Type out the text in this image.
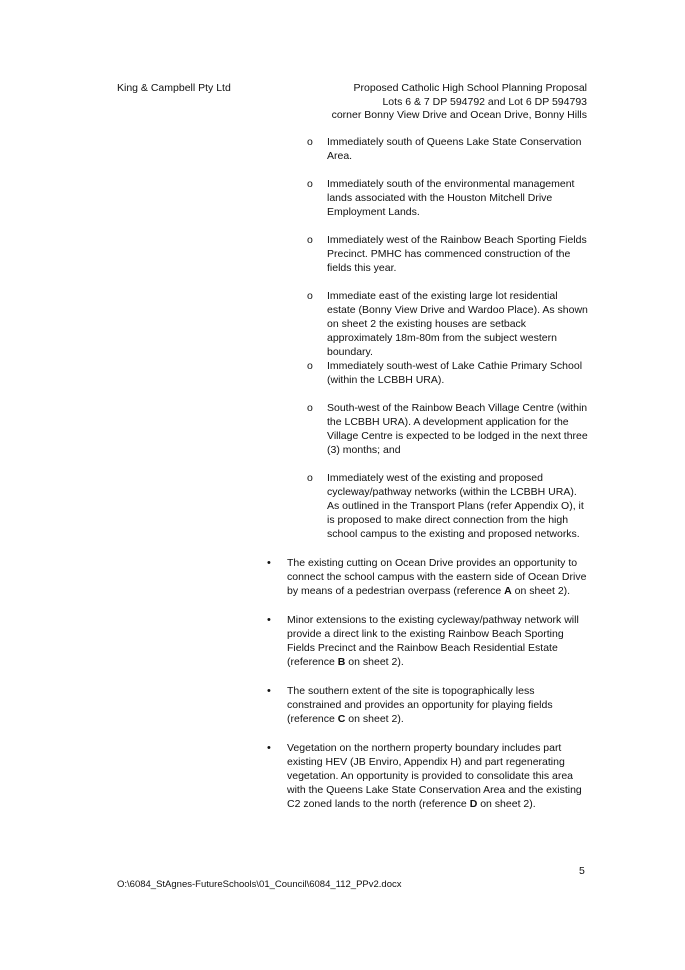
King & Campbell Pty Ltd	Proposed Catholic High School Planning Proposal
Lots 6 & 7 DP 594792 and Lot 6 DP 594793
corner Bonny View Drive and Ocean Drive, Bonny Hills
o Immediately south of Queens Lake State Conservation Area.
o Immediately south of the environmental management lands associated with the Houston Mitchell Drive Employment Lands.
o Immediately west of the Rainbow Beach Sporting Fields Precinct. PMHC has commenced construction of the fields this year.
o Immediate east of the existing large lot residential estate (Bonny View Drive and Wardoo Place). As shown on sheet 2 the existing houses are setback approximately 18m-80m from the subject western boundary.
o Immediately south-west of Lake Cathie Primary School (within the LCBBH URA).
o South-west of the Rainbow Beach Village Centre (within the LCBBH URA). A development application for the Village Centre is expected to be lodged in the next three (3) months; and
o Immediately west of the existing and proposed cycleway/pathway networks (within the LCBBH URA). As outlined in the Transport Plans (refer Appendix O), it is proposed to make direct connection from the high school campus to the existing and proposed networks.
• The existing cutting on Ocean Drive provides an opportunity to connect the school campus with the eastern side of Ocean Drive by means of a pedestrian overpass (reference A on sheet 2).
• Minor extensions to the existing cycleway/pathway network will provide a direct link to the existing Rainbow Beach Sporting Fields Precinct and the Rainbow Beach Residential Estate (reference B on sheet 2).
• The southern extent of the site is topographically less constrained and provides an opportunity for playing fields (reference C on sheet 2).
• Vegetation on the northern property boundary includes part existing HEV (JB Enviro, Appendix H) and part regenerating vegetation. An opportunity is provided to consolidate this area with the Queens Lake State Conservation Area and the existing C2 zoned lands to the north (reference D on sheet 2).
5
O:\6084_StAgnes-FutureSchools\01_Council\6084_112_PPv2.docx
